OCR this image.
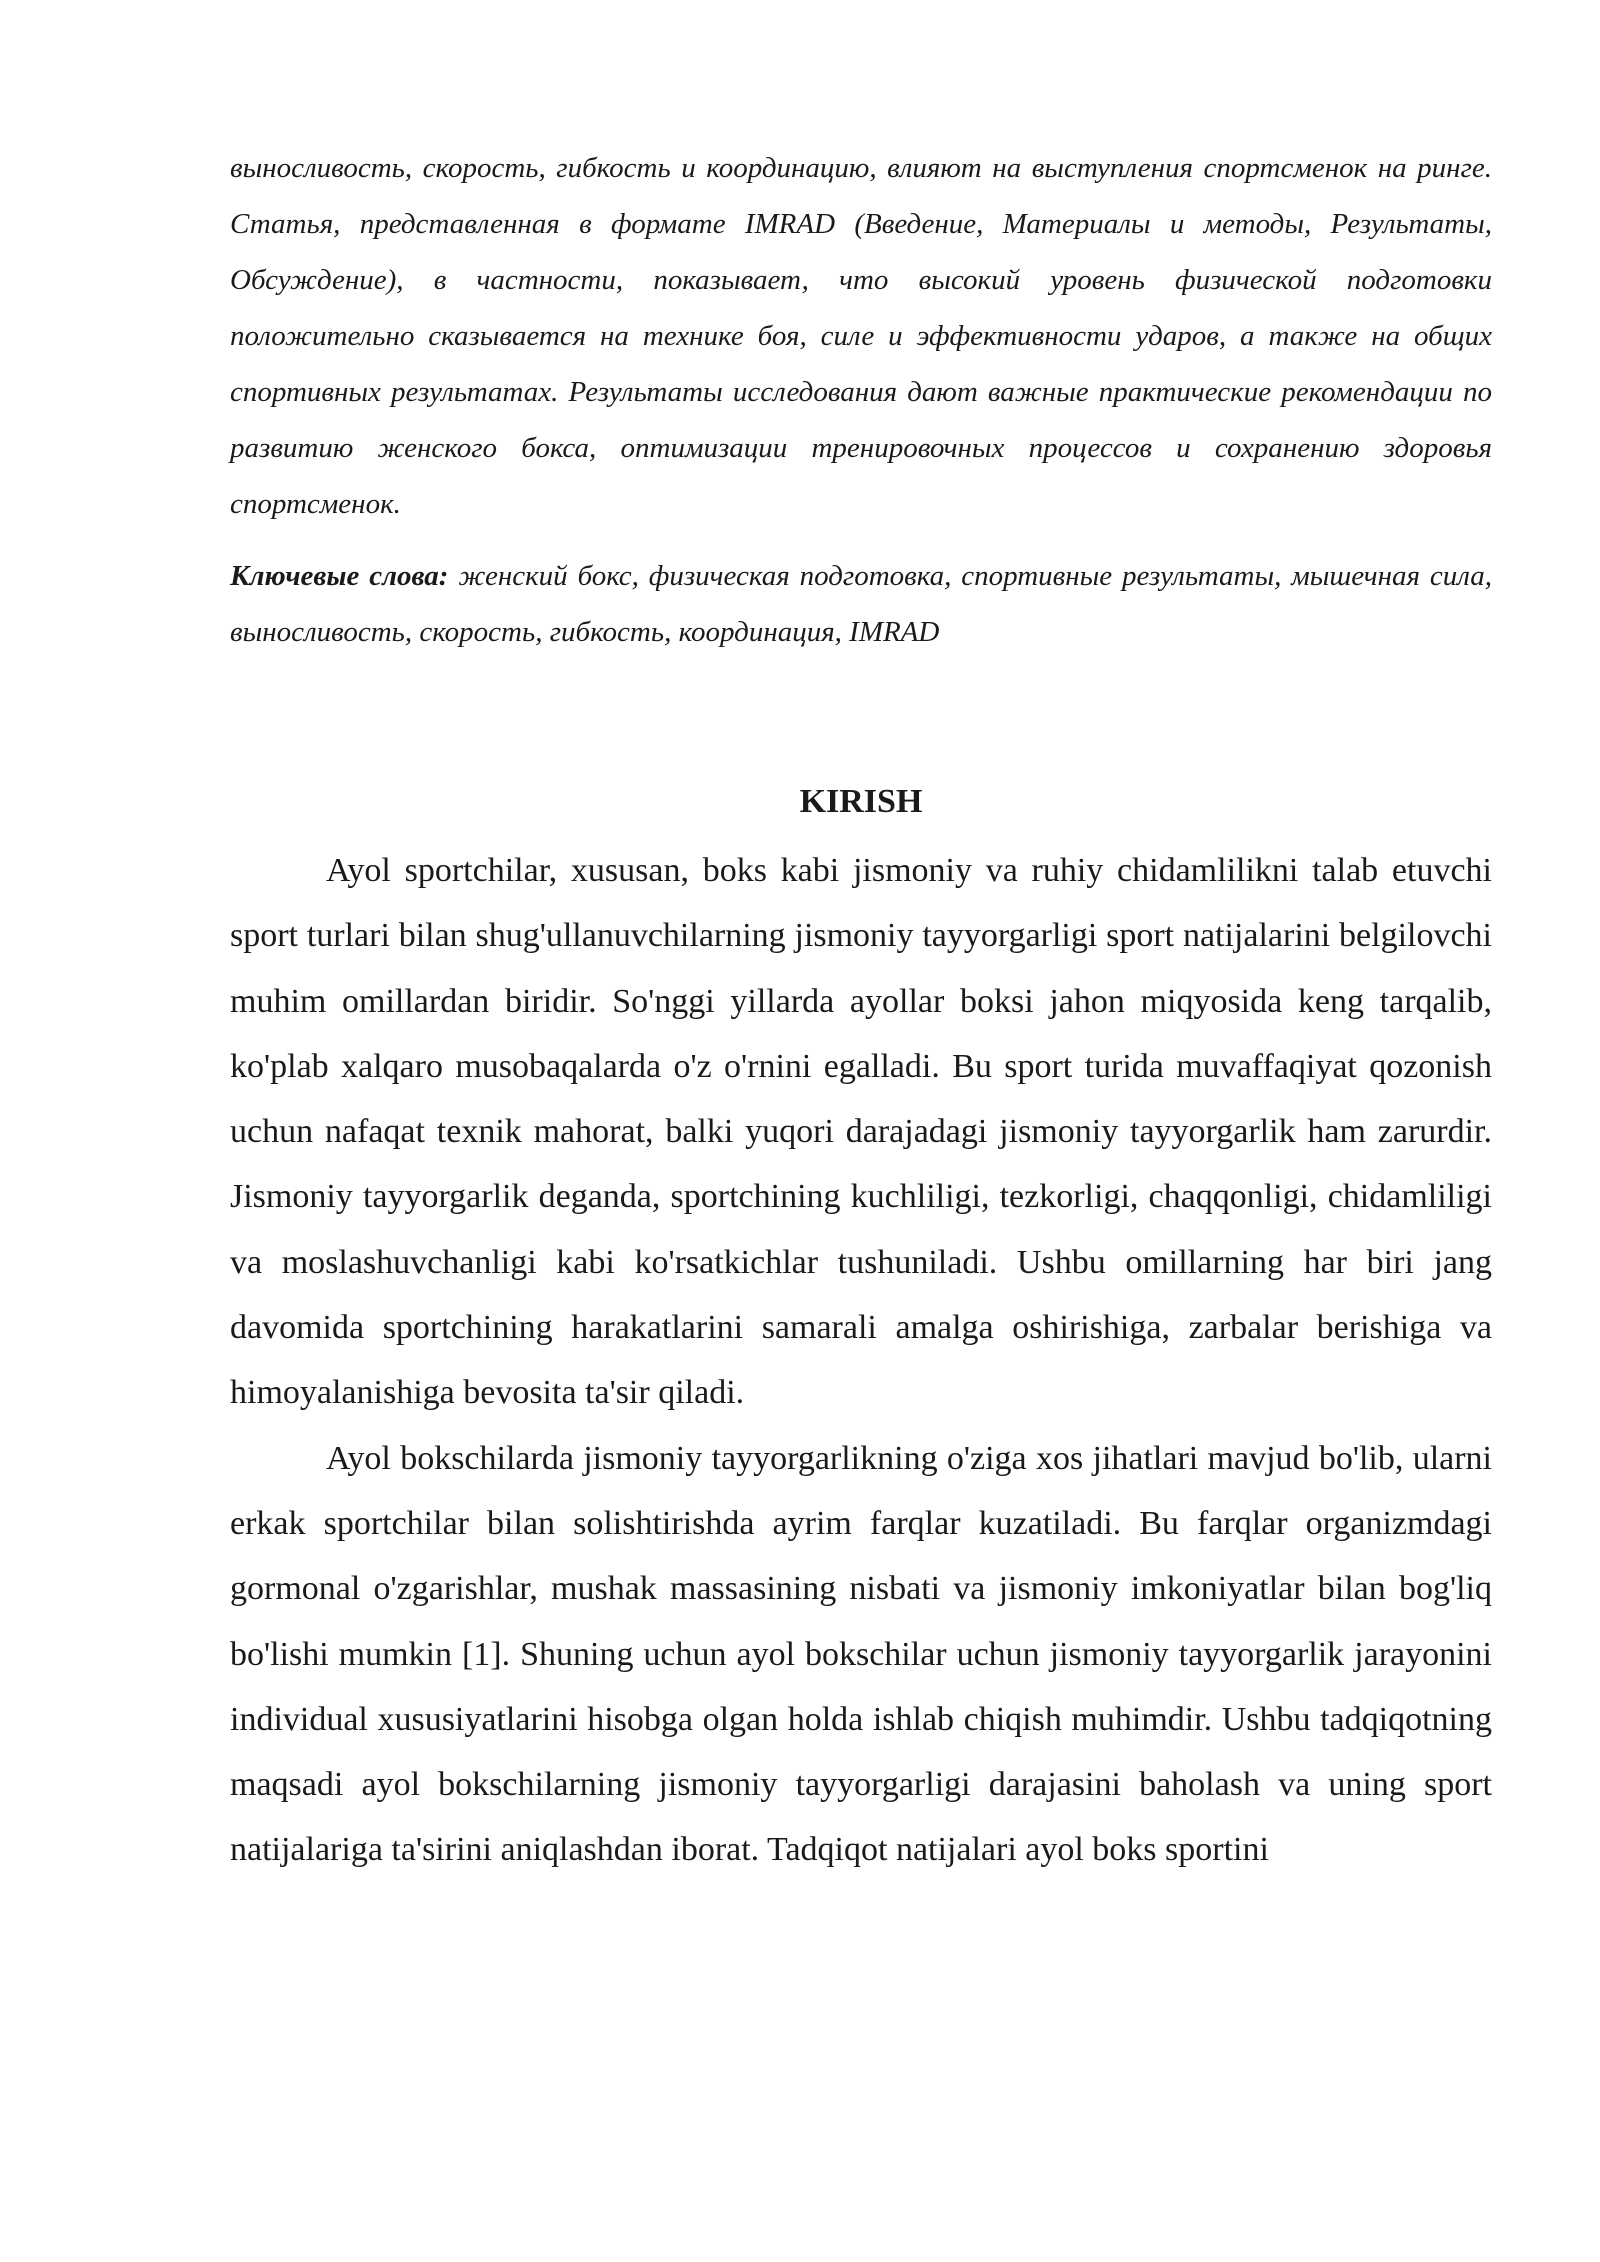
выносливость, скорость, гибкость и координацию, влияют на выступления спортсменок на ринге. Статья, представленная в формате IMRAD (Введение, Материалы и методы, Результаты, Обсуждение), в частности, показывает, что высокий уровень физической подготовки положительно сказывается на технике боя, силе и эффективности ударов, а также на общих спортивных результатах. Результаты исследования дают важные практические рекомендации по развитию женского бокса, оптимизации тренировочных процессов и сохранению здоровья спортсменок.

Ключевые слова: женский бокс, физическая подготовка, спортивные результаты, мышечная сила, выносливость, скорость, гибкость, координация, IMRAD

KIRISH

Ayol sportchilar, xususan, boks kabi jismoniy va ruhiy chidamlilikni talab etuvchi sport turlari bilan shug'ullanuvchilarning jismoniy tayyorgarligi sport natijalarini belgilovchi muhim omillardan biridir. So'nggi yillarda ayollar boksi jahon miqyosida keng tarqalib, ko'plab xalqaro musobaqalarda o'z o'rnini egalladi. Bu sport turida muvaffaqiyat qozonish uchun nafaqat texnik mahorat, balki yuqori darajadagi jismoniy tayyorgarlik ham zarurdir. Jismoniy tayyorgarlik deganda, sportchining kuchliligi, tezkorligi, chaqqonligi, chidamliligi va moslashuvchanligi kabi ko'rsatkichlar tushuniladi. Ushbu omillarning har biri jang davomida sportchining harakatlarini samarali amalga oshirishiga, zarbalar berishiga va himoyalanishiga bevosita ta'sir qiladi.

Ayol bokschilarda jismoniy tayyorgarlikning o'ziga xos jihatlari mavjud bo'lib, ularni erkak sportchilar bilan solishtirishda ayrim farqlar kuzatiladi. Bu farqlar organizmdagi gormonal o'zgarishlar, mushak massasining nisbati va jismoniy imkoniyatlar bilan bog'liq bo'lishi mumkin [1]. Shuning uchun ayol bokschilar uchun jismoniy tayyorgarlik jarayonini individual xususiyatlarini hisobga olgan holda ishlab chiqish muhimdir. Ushbu tadqiqotning maqsadi ayol bokschilarning jismoniy tayyorgarligi darajasini baholash va uning sport natijalariga ta'sirini aniqlashdan iborat. Tadqiqot natijalari ayol boks sportini
